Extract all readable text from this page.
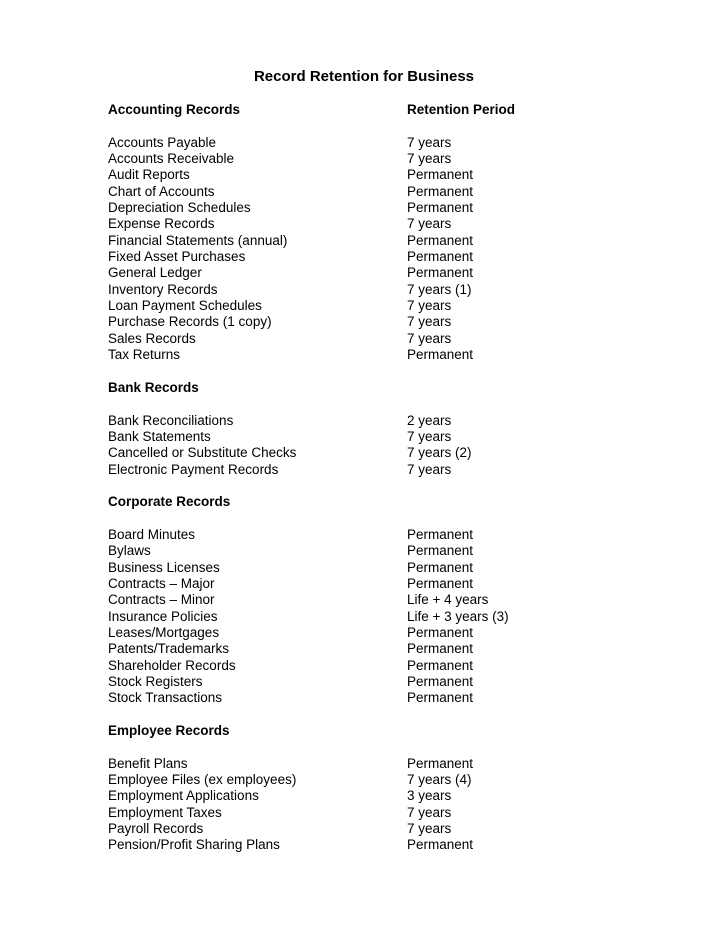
Record Retention for Business
Accounting Records	Retention Period
Accounts Payable	7 years
Accounts Receivable	7 years
Audit Reports	Permanent
Chart of Accounts	Permanent
Depreciation Schedules	Permanent
Expense Records	7 years
Financial Statements (annual)	Permanent
Fixed Asset Purchases	Permanent
General Ledger	Permanent
Inventory Records	7 years (1)
Loan Payment Schedules	7 years
Purchase Records (1 copy)	7 years
Sales Records	7 years
Tax Returns	Permanent
Bank Records
Bank Reconciliations	2 years
Bank Statements	7 years
Cancelled or Substitute Checks	7 years (2)
Electronic Payment Records	7 years
Corporate Records
Board Minutes	Permanent
Bylaws	Permanent
Business Licenses	Permanent
Contracts – Major	Permanent
Contracts – Minor	Life + 4 years
Insurance Policies	Life + 3 years (3)
Leases/Mortgages	Permanent
Patents/Trademarks	Permanent
Shareholder Records	Permanent
Stock Registers	Permanent
Stock Transactions	Permanent
Employee Records
Benefit Plans	Permanent
Employee Files (ex employees)	7 years (4)
Employment Applications	3 years
Employment Taxes	7 years
Payroll Records	7 years
Pension/Profit Sharing Plans	Permanent
